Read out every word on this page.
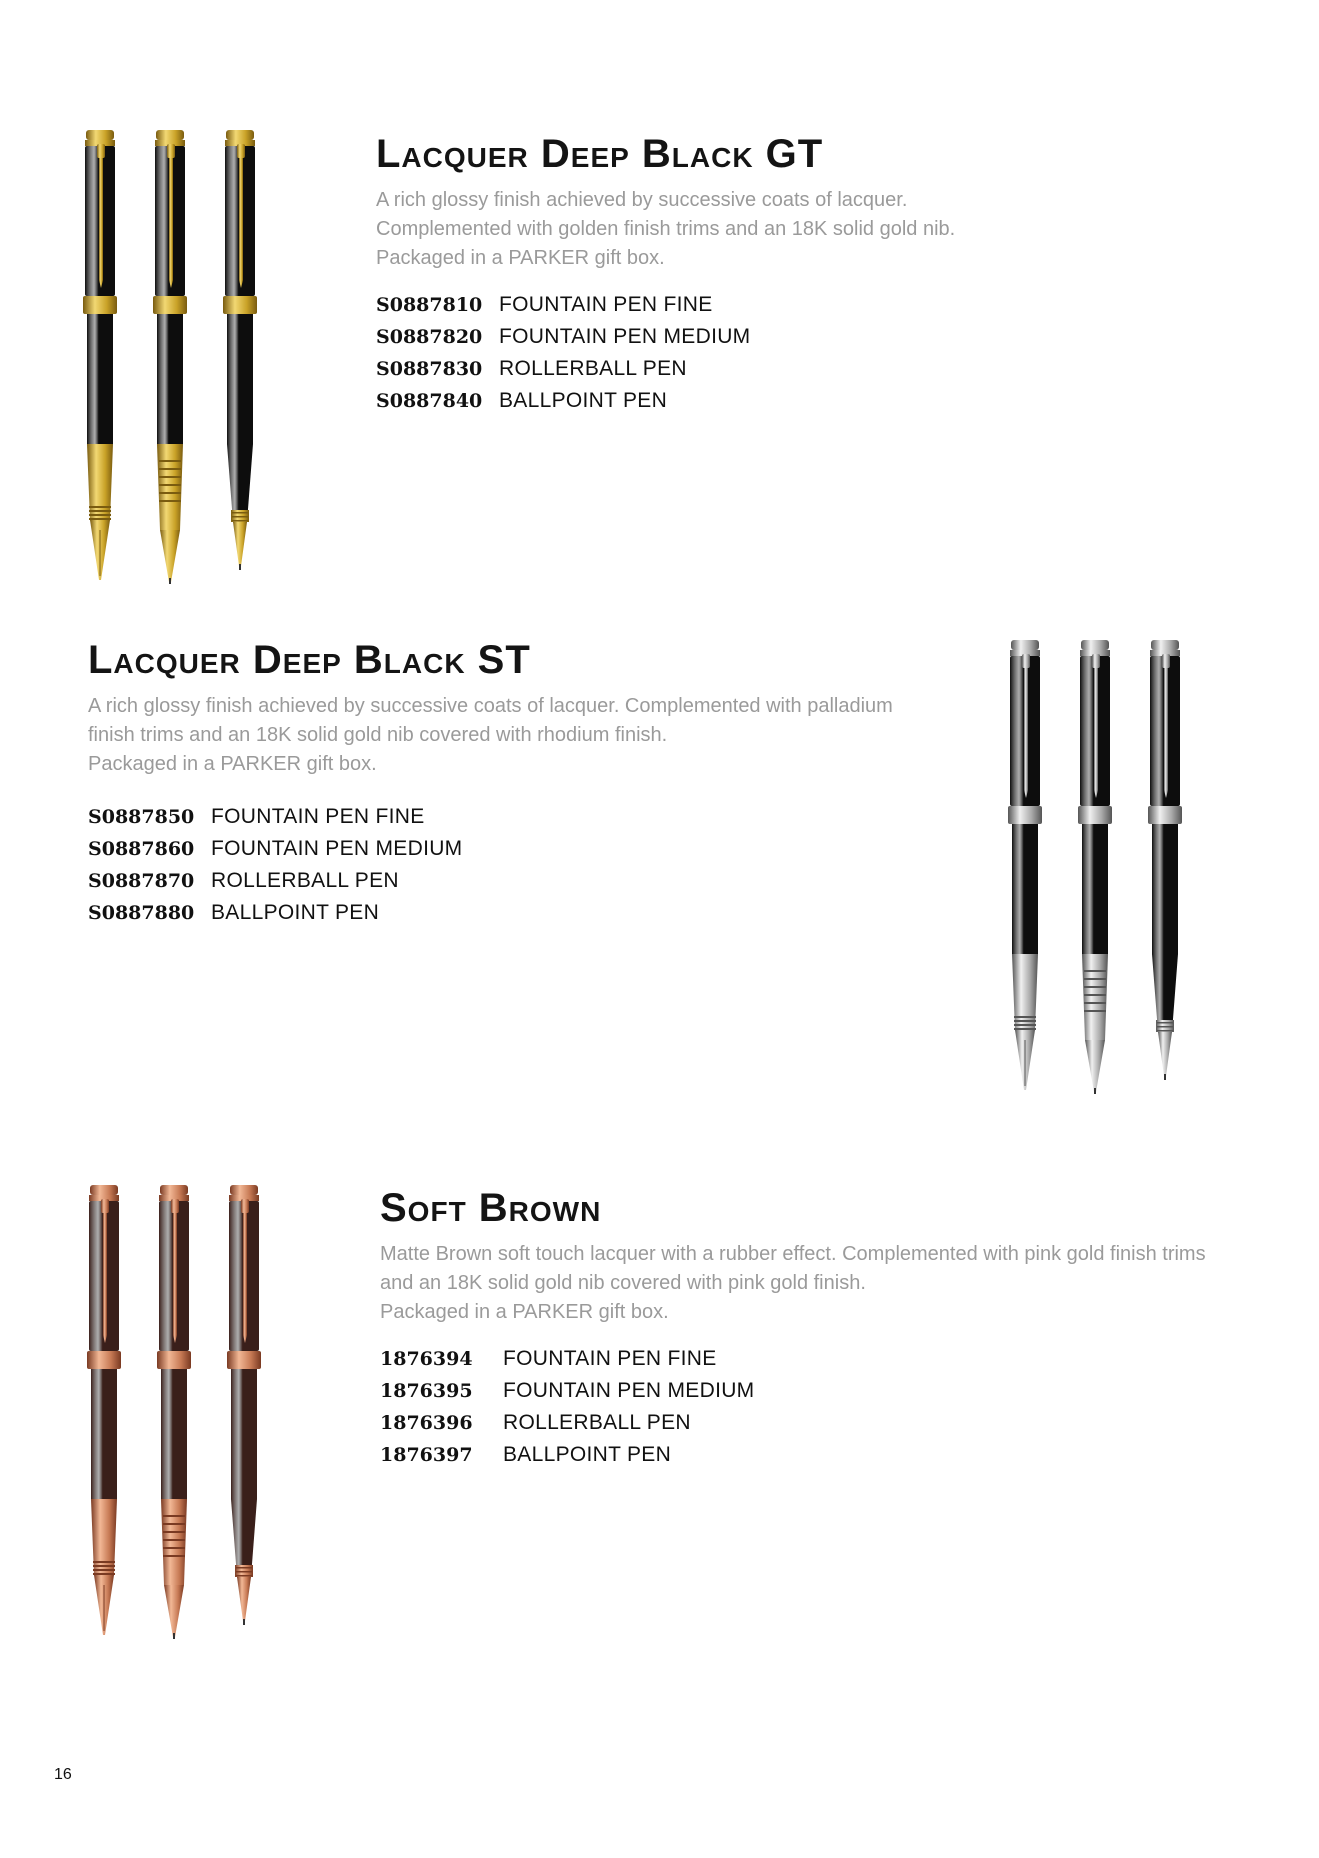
Lacquer Deep Black GT

A rich glossy finish achieved by successive coats of lacquer.
Complemented with golden finish trims and an 18K solid gold nib.
Packaged in a PARKER gift box.

S0887810	FOUNTAIN PEN FINE
S0887820	FOUNTAIN PEN MEDIUM
S0887830	ROLLERBALL PEN
S0887840	BALLPOINT PEN
Lacquer Deep Black ST

A rich glossy finish achieved by successive coats of lacquer. Complemented with palladium
finish trims and an 18K solid gold nib covered with rhodium finish.
Packaged in a PARKER gift box.

S0887850	FOUNTAIN PEN FINE
S0887860	FOUNTAIN PEN MEDIUM
S0887870	ROLLERBALL PEN
S0887880	BALLPOINT PEN
Soft Brown

Matte Brown soft touch lacquer with a rubber effect. Complemented with pink gold finish trims
and an 18K solid gold nib covered with pink gold finish.
Packaged in a PARKER gift box.

1876394	FOUNTAIN PEN FINE
1876395	FOUNTAIN PEN MEDIUM
1876396	ROLLERBALL PEN
1876397	BALLPOINT PEN
16
